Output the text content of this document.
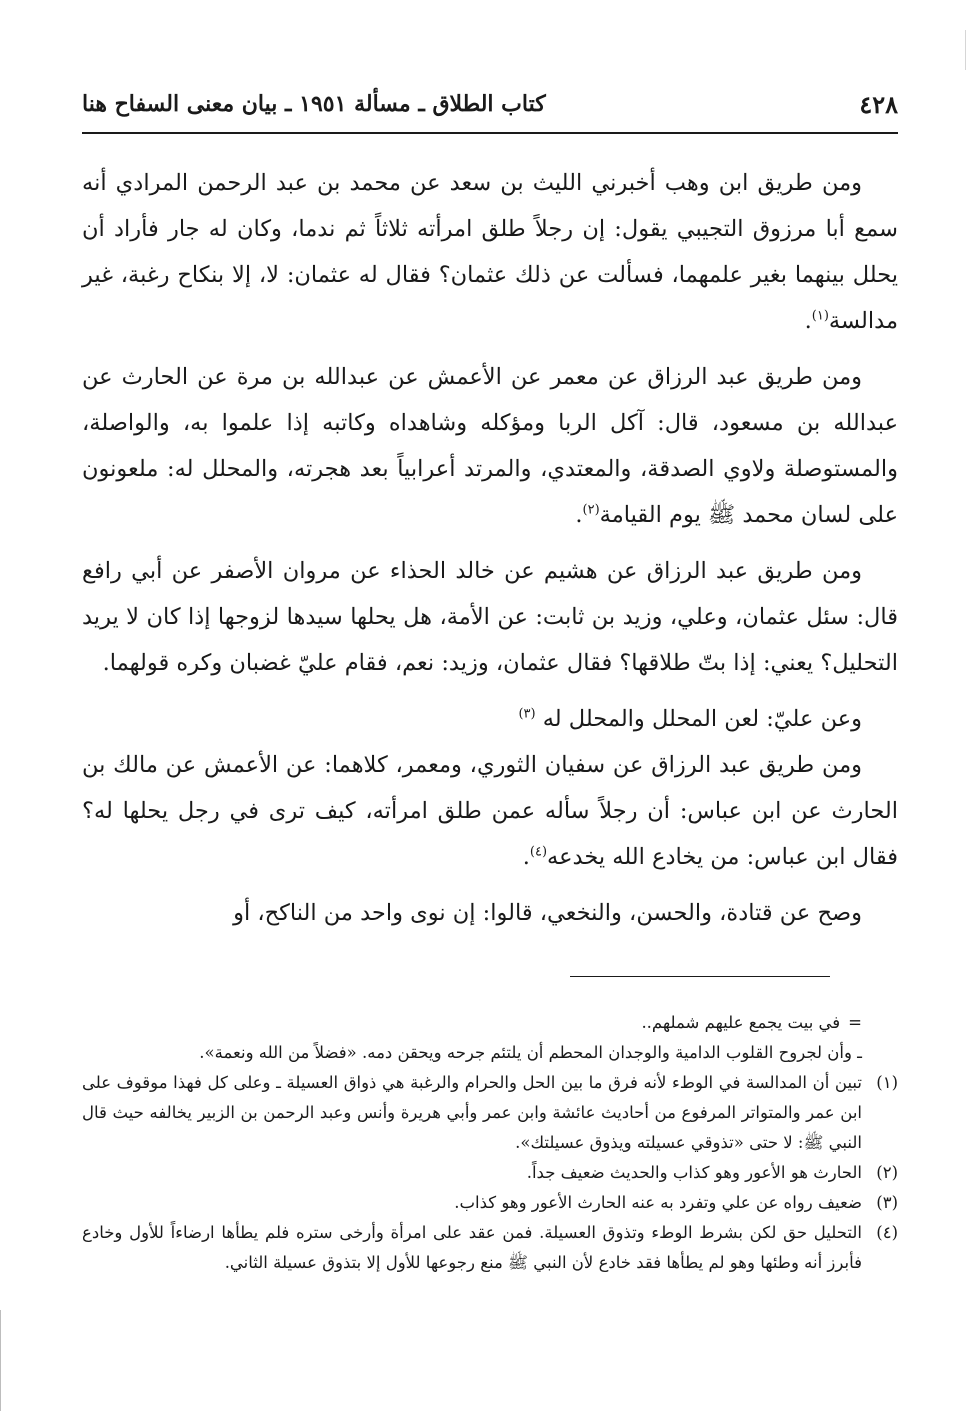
٤٢٨
كتاب الطلاق ـ مسألة ١٩٥١ ـ بيان معنى السفاح هنا

ومن طريق ابن وهب أخبرني الليث بن سعد عن محمد بن عبد الرحمن المرادي أنه سمع أبا مرزوق التجيبي يقول: إن رجلاً طلق امرأته ثلاثاً ثم ندما، وكان له جار فأراد أن يحلل بينهما بغير علمهما، فسألت عن ذلك عثمان؟ فقال له عثمان: لا، إلا بنكاح رغبة، غير مدالسة$^{(١)}$.

ومن طريق عبد الرزاق عن معمر عن الأعمش عن عبدالله بن مرة عن الحارث عن عبدالله بن مسعود، قال: آكل الربا ومؤكله وشاهداه وكاتبه إذا علموا به، والواصلة، والمستوصلة ولاوي الصدقة، والمعتدي، والمرتد أعرابياً بعد هجرته، والمحلل له: ملعونون على لسان محمد ﷺ يوم القيامة$^{(٢)}$.

ومن طريق عبد الرزاق عن هشيم عن خالد الحذاء عن مروان الأصفر عن أبي رافع قال: سئل عثمان، وعلي، وزيد بن ثابت: عن الأمة، هل يحلها سيدها لزوجها إذا كان لا يريد التحليل؟ يعني: إذا بتّ طلاقها؟ فقال عثمان، وزيد: نعم، فقام عليّ غضبان وكره قولهما.

وعن عليّ: لعن المحلل والمحلل له $^{(٣)}$

ومن طريق عبد الرزاق عن سفيان الثوري، ومعمر، كلاهما: عن الأعمش عن مالك بن الحارث عن ابن عباس: أن رجلاً سأله عمن طلق امرأته، كيف ترى في رجل يحلها له؟ فقال ابن عباس: من يخادع الله يخدعه$^{(٤)}$.

وصح عن قتادة، والحسن، والنخعي، قالوا: إن نوى واحد من الناكح، أو

=في بيت يجمع عليهم شملهم..

ـ وأن لجروح القلوب الدامية والوجدان المحطم أن يلتئم جرحه ويحقن دمه. «فضلاً من الله ونعمة».

(١)
تبين أن المدالسة في الوطء لأنه فرق ما بين الحل والحرام والرغبة هي ذواق العسيلة ـ وعلى كل فهذا موقوف على ابن عمر والمتواتر المرفوع من أحاديث عائشة وابن عمر وأبي هريرة وأنس وعبد الرحمن بن الزبير يخالفه حيث قال النبي ﷺ: لا حتى «تذوقي عسيلته ويذوق عسيلتك».
(٢)
الحارث هو الأعور وهو كذاب والحديث ضعيف جداً.
(٣)
ضعيف رواه عن علي وتفرد به عنه الحارث الأعور وهو كذاب.
(٤)
التحليل حق لكن بشرط الوطء وتذوق العسيلة. فمن عقد على امرأة وأرخى ستره فلم يطأها ارضاءاً للأول وخادع فأبرز أنه وطئها وهو لم يطأها فقد خادع لأن النبي ﷺ منع رجوعها للأول إلا بتذوق عسيلة الثاني.
